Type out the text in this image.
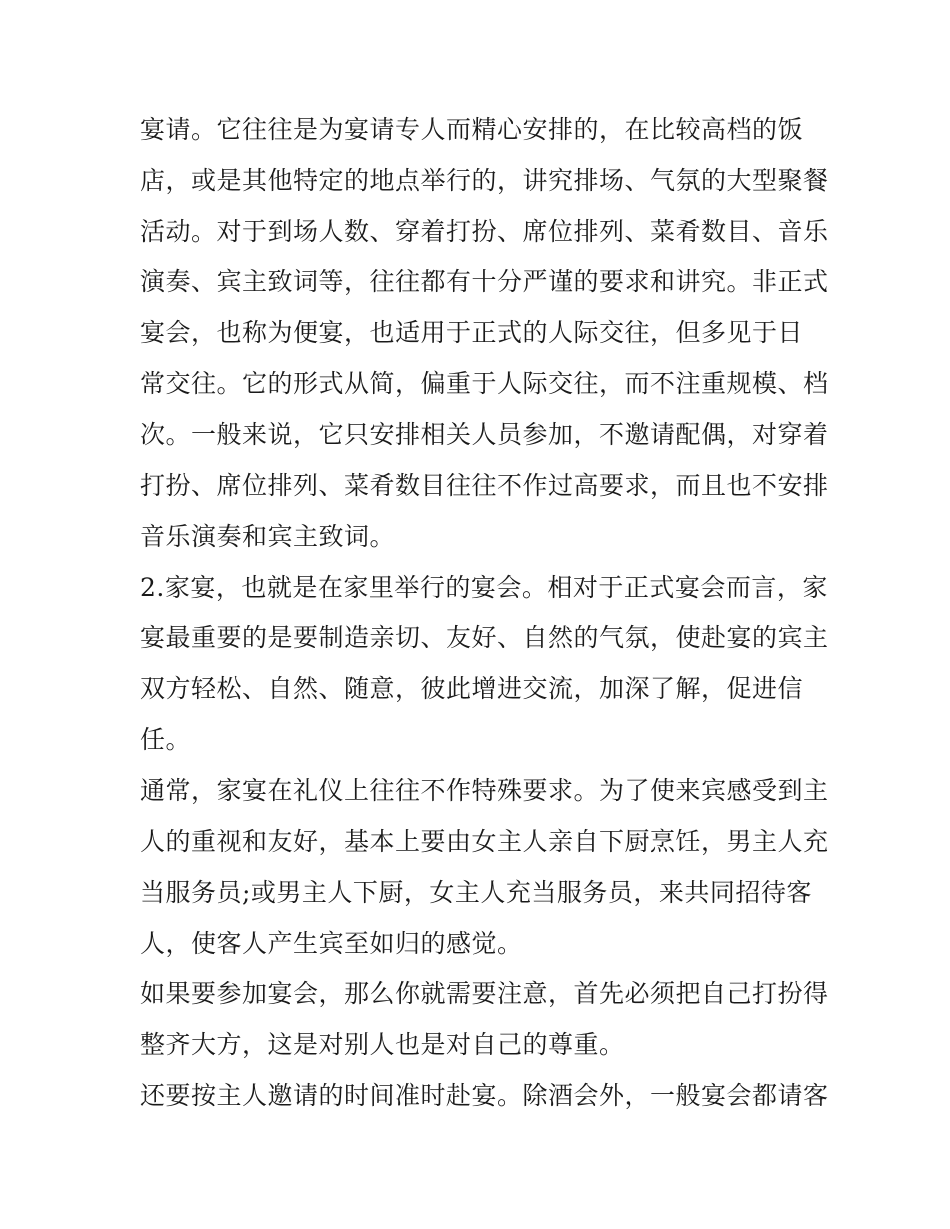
宴请。它往往是为宴请专人而精心安排的，在比较高档的饭
店，或是其他特定的地点举行的，讲究排场、气氛的大型聚餐
活动。对于到场人数、穿着打扮、席位排列、菜肴数目、音乐
演奏、宾主致词等，往往都有十分严谨的要求和讲究。非正式
宴会，也称为便宴，也适用于正式的人际交往，但多见于日
常交往。它的形式从简，偏重于人际交往，而不注重规模、档
次。一般来说，它只安排相关人员参加，不邀请配偶，对穿着
打扮、席位排列、菜肴数目往往不作过高要求，而且也不安排
音乐演奏和宾主致词。
2.家宴，也就是在家里举行的宴会。相对于正式宴会而言，家
宴最重要的是要制造亲切、友好、自然的气氛，使赴宴的宾主
双方轻松、自然、随意，彼此增进交流，加深了解，促进信
任。
通常，家宴在礼仪上往往不作特殊要求。为了使来宾感受到主
人的重视和友好，基本上要由女主人亲自下厨烹饪，男主人充
当服务员;或男主人下厨，女主人充当服务员，来共同招待客
人，使客人产生宾至如归的感觉。
如果要参加宴会，那么你就需要注意，首先必须把自己打扮得
整齐大方，这是对别人也是对自己的尊重。
还要按主人邀请的时间准时赴宴。除酒会外，一般宴会都请客
